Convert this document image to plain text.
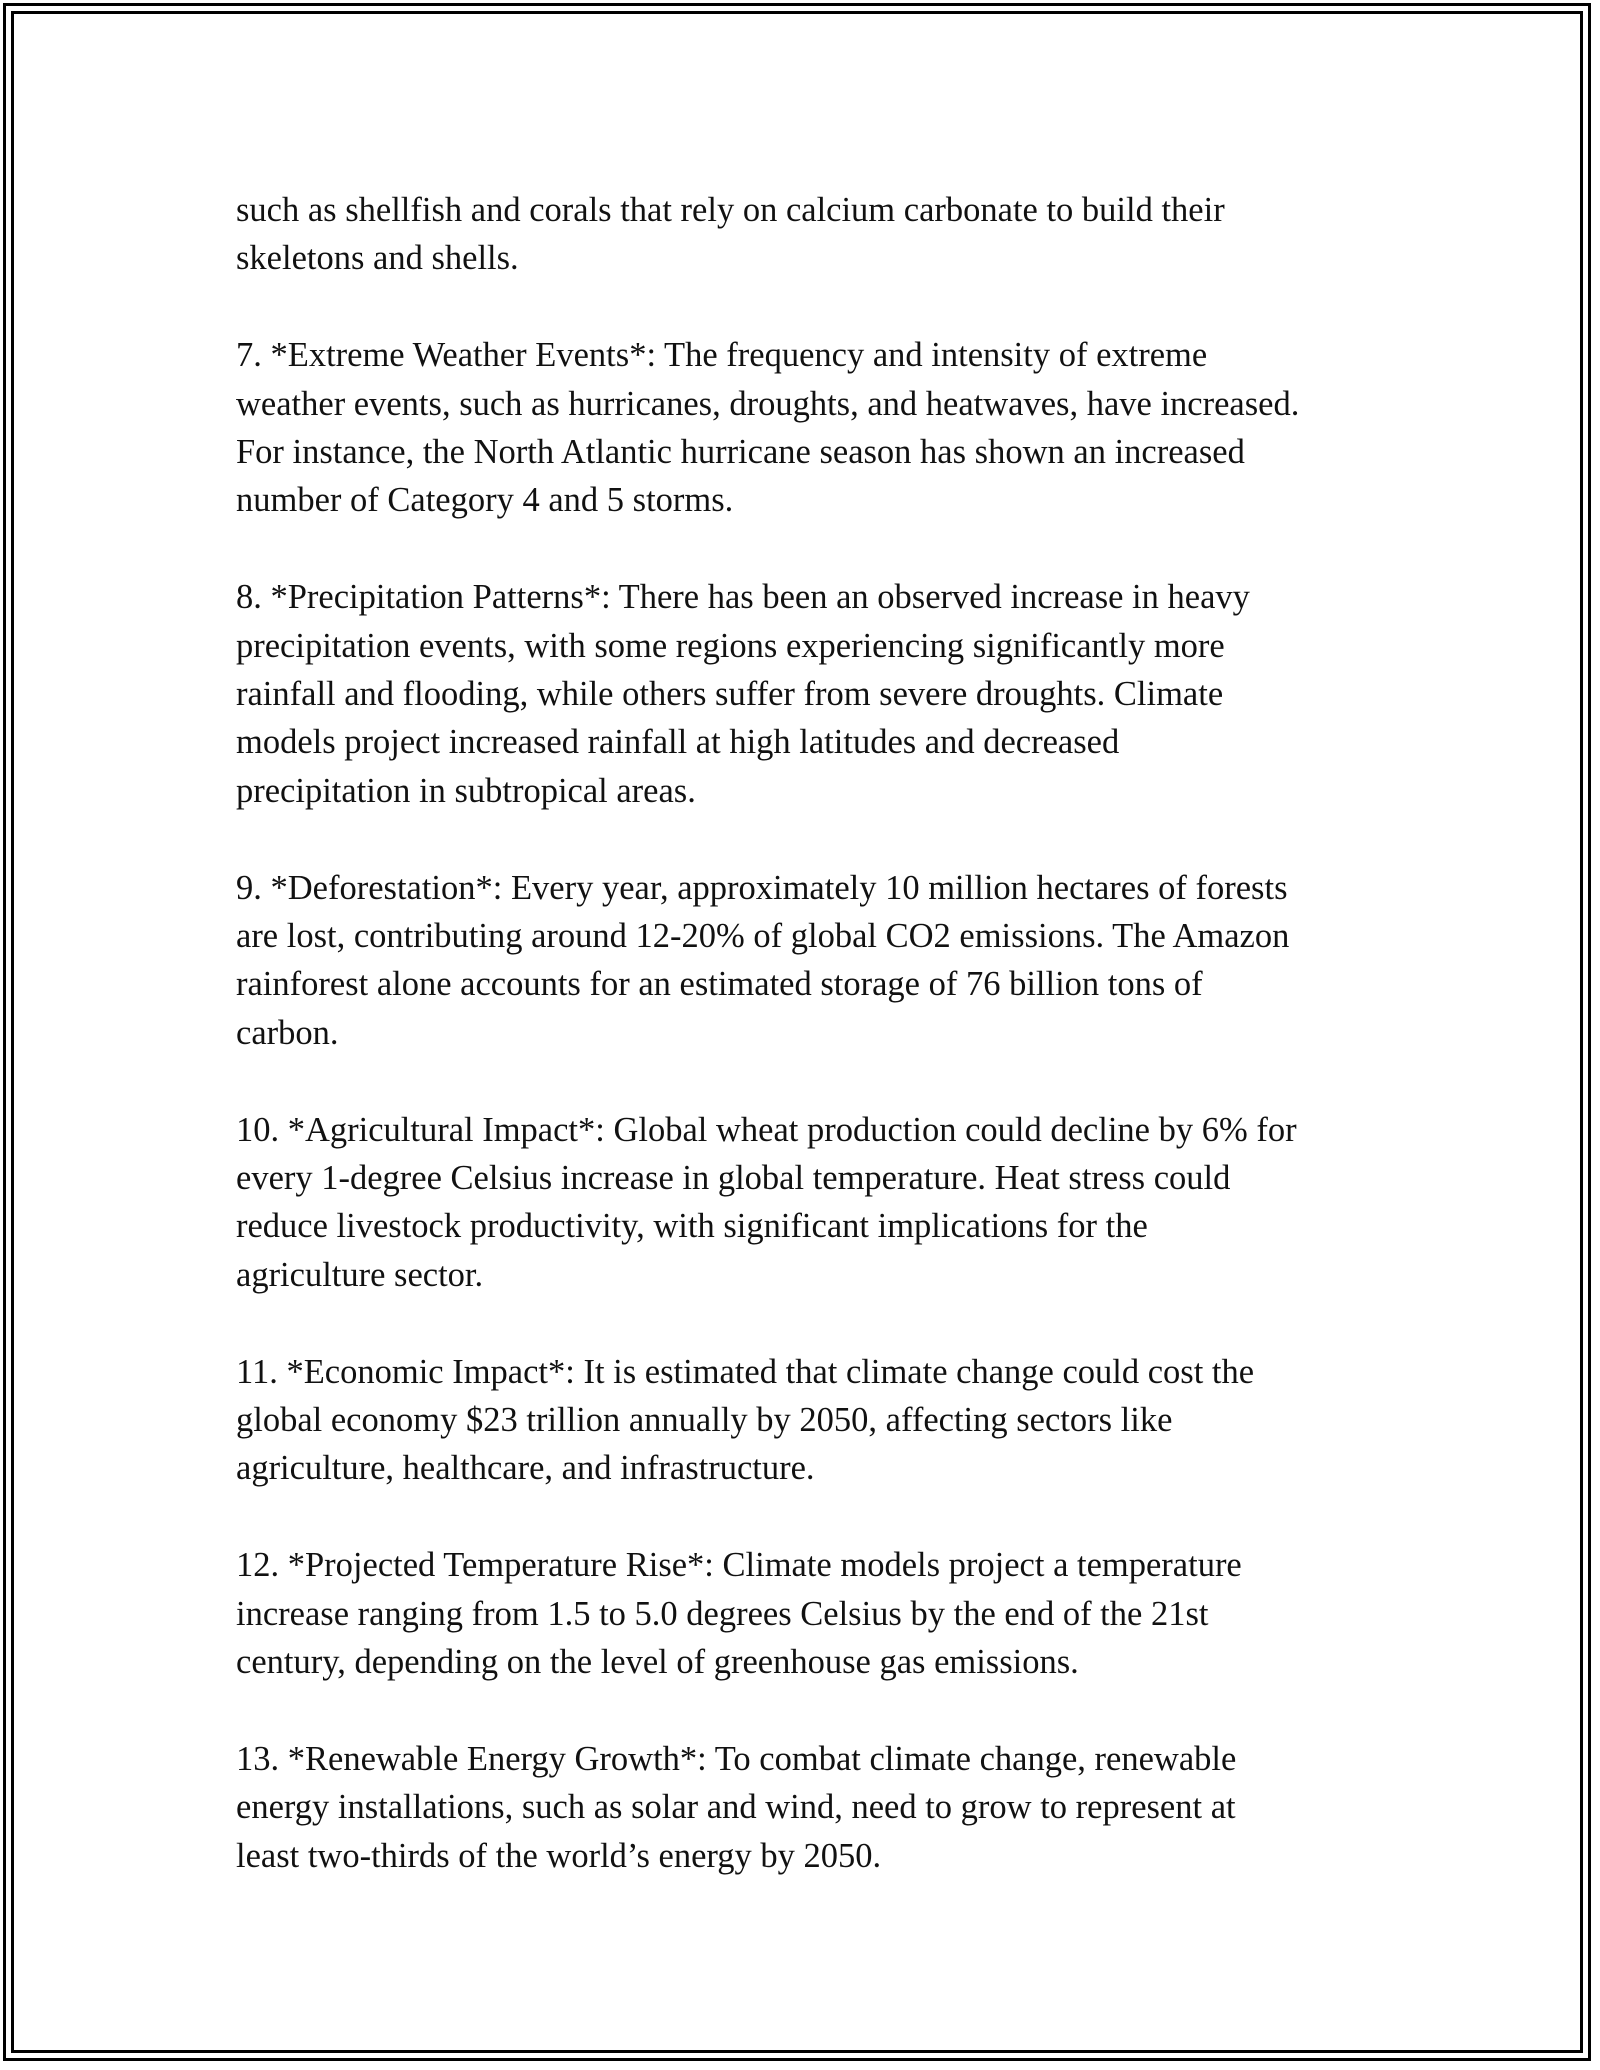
such as shellfish and corals that rely on calcium carbonate to build their
skeletons and shells.

7. *Extreme Weather Events*: The frequency and intensity of extreme
weather events, such as hurricanes, droughts, and heatwaves, have increased.
For instance, the North Atlantic hurricane season has shown an increased
number of Category 4 and 5 storms.

8. *Precipitation Patterns*: There has been an observed increase in heavy
precipitation events, with some regions experiencing significantly more
rainfall and flooding, while others suffer from severe droughts. Climate
models project increased rainfall at high latitudes and decreased
precipitation in subtropical areas.

9. *Deforestation*: Every year, approximately 10 million hectares of forests
are lost, contributing around 12-20% of global CO2 emissions. The Amazon
rainforest alone accounts for an estimated storage of 76 billion tons of
carbon.

10. *Agricultural Impact*: Global wheat production could decline by 6% for
every 1-degree Celsius increase in global temperature. Heat stress could
reduce livestock productivity, with significant implications for the
agriculture sector.

11. *Economic Impact*: It is estimated that climate change could cost the
global economy $23 trillion annually by 2050, affecting sectors like
agriculture, healthcare, and infrastructure.

12. *Projected Temperature Rise*: Climate models project a temperature
increase ranging from 1.5 to 5.0 degrees Celsius by the end of the 21st
century, depending on the level of greenhouse gas emissions.

13. *Renewable Energy Growth*: To combat climate change, renewable
energy installations, such as solar and wind, need to grow to represent at
least two-thirds of the world’s energy by 2050.
